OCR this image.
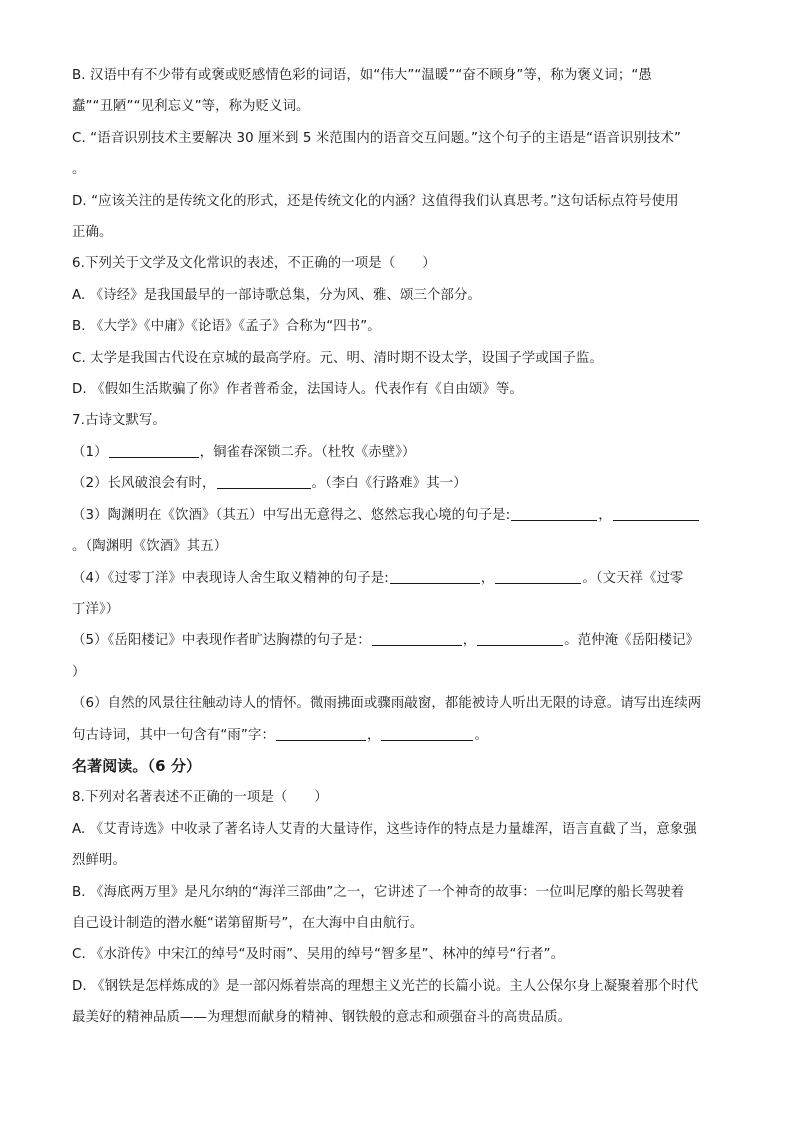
B. 汉语中有不少带有或褒或贬感情色彩的词语，如“伟大”“温暖”“奋不顾身”等，称为褒义词；“愚
蠢”“丑陋”“见利忘义”等，称为贬义词。
C. “语音识别技术主要解决 30 厘米到 5 米范围内的语音交互问题。”这个句子的主语是“语音识别技术”
。
D. “应该关注的是传统文化的形式，还是传统文化的内涵？这值得我们认真思考。”这句话标点符号使用
正确。
6.下列关于文学及文化常识的表述，不正确的一项是（　　）
A. 《诗经》是我国最早的一部诗歌总集，分为风、雅、颂三个部分。
B. 《大学》《中庸》《论语》《孟子》合称为“四书”。
C. 太学是我国古代设在京城的最高学府。元、明、清时期不设太学，设国子学或国子监。
D. 《假如生活欺骗了你》作者普希金，法国诗人。代表作有《自由颂》等。
7.古诗文默写。
（1）	，铜雀春深锁二乔。（杜牧《赤壁》）
（2）长风破浪会有时，	。（李白《行路难》其一）
（3）陶渊明在《饮酒》（其五）中写出无意得之、悠然忘我心境的句子是:	，
。（陶渊明《饮酒》其五）
（4）《过零丁洋》中表现诗人舍生取义精神的句子是:	，	。（文天祥《过零
丁洋》）
（5）《岳阳楼记》中表现作者旷达胸襟的句子是：	，	。范仲淹《岳阳楼记》
）
（6）自然的风景往往触动诗人的情怀。微雨拂面或骤雨敲窗，都能被诗人听出无限的诗意。请写出连续两
句古诗词，其中一句含有“雨”字：	，	。
名著阅读。（6 分）
8.下列对名著表述不正确的一项是（　　）
A. 《艾青诗选》中收录了著名诗人艾青的大量诗作，这些诗作的特点是力量雄浑，语言直截了当，意象强
烈鲜明。
B. 《海底两万里》是凡尔纳的“海洋三部曲”之一，它讲述了一个神奇的故事：一位叫尼摩的船长驾驶着
自己设计制造的潜水艇“诺第留斯号”，在大海中自由航行。
C. 《水浒传》中宋江的绰号“及时雨”、吴用的绰号“智多星”、林冲的绰号“行者”。
D. 《钢铁是怎样炼成的》是一部闪烁着崇高的理想主义光芒的长篇小说。主人公保尔身上凝聚着那个时代
最美好的精神品质——为理想而献身的精神、钢铁般的意志和顽强奋斗的高贵品质。
